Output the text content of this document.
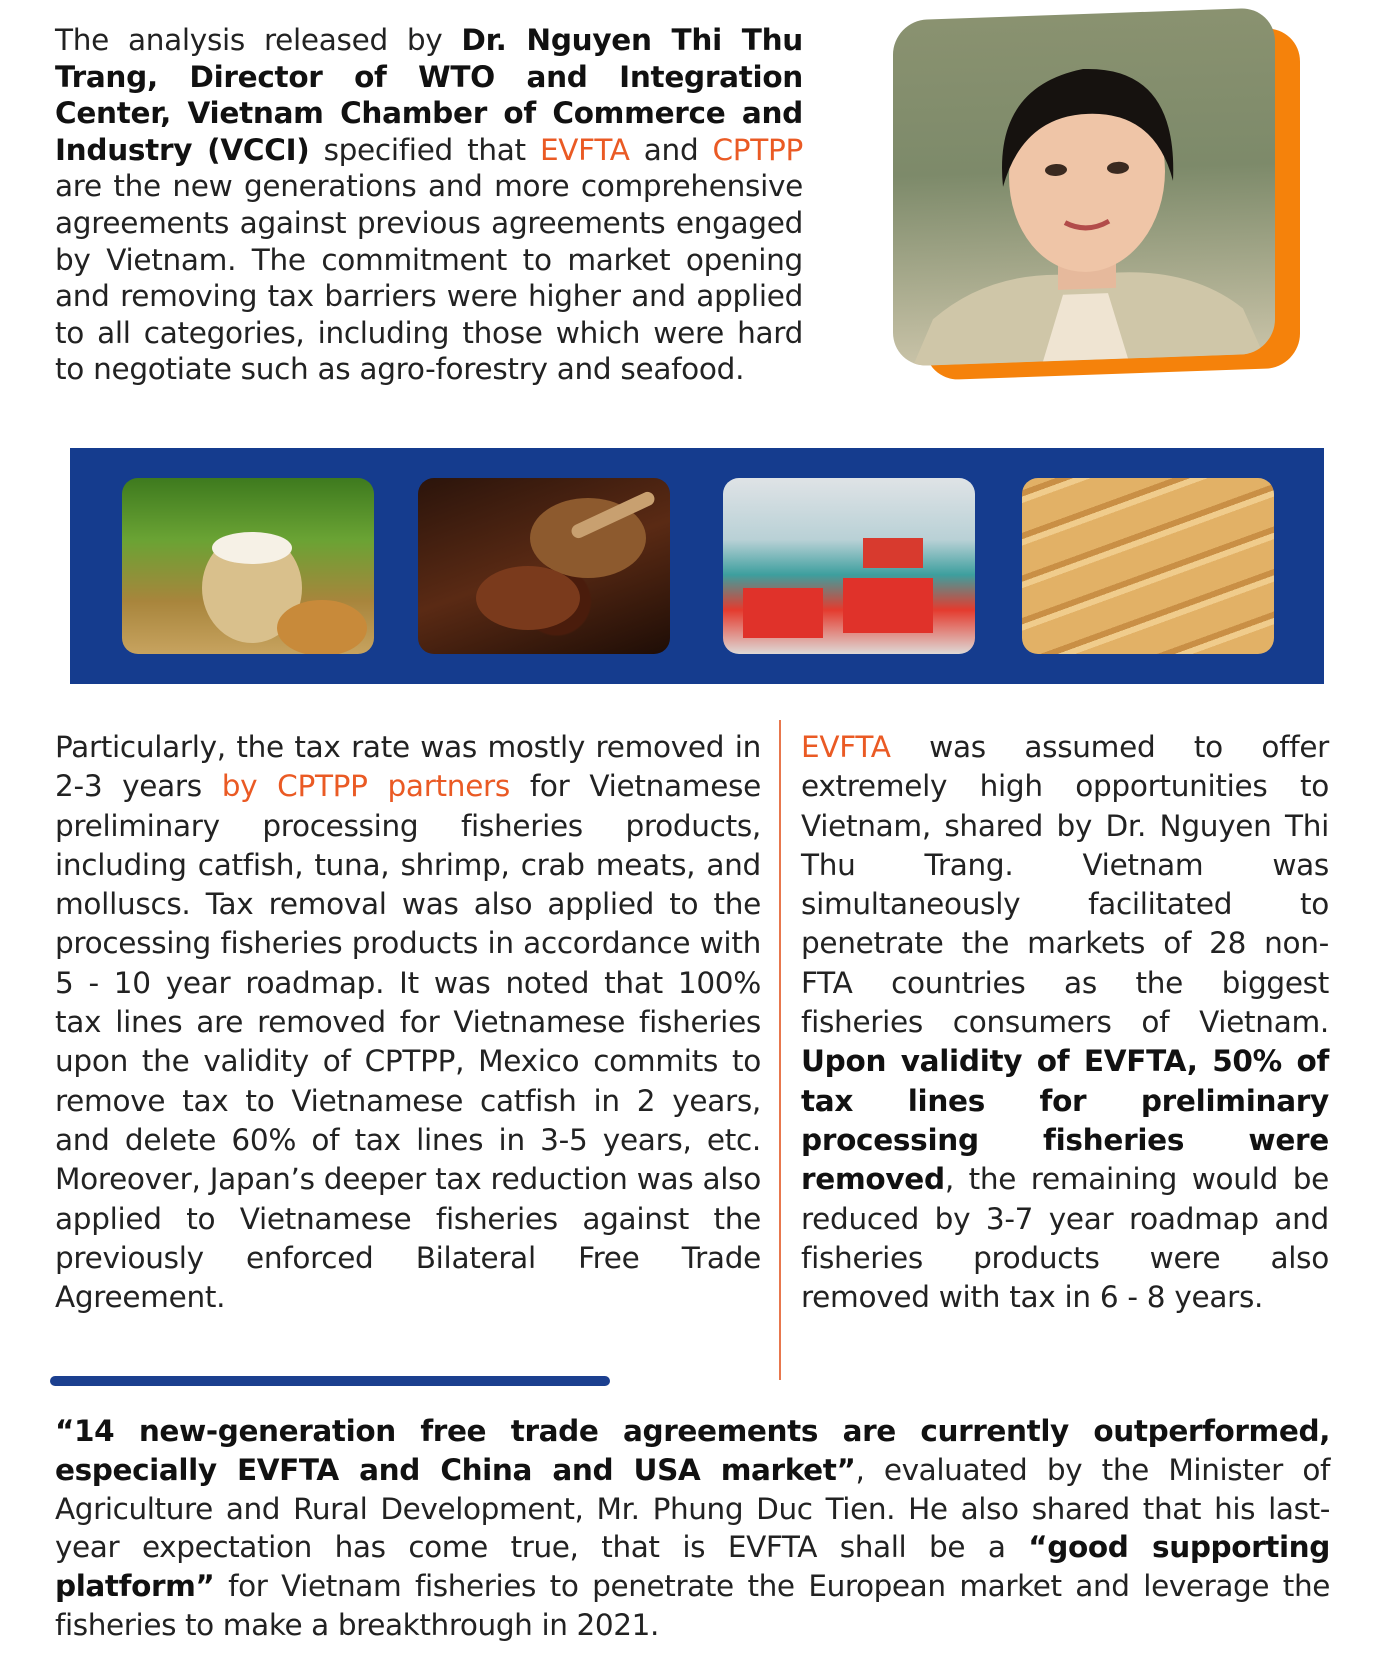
The analysis released by Dr. Nguyen Thi Thu Trang, Director of WTO and Integration Center, Vietnam Chamber of Commerce and Industry (VCCI) specified that EVFTA and CPTPP are the new generations and more comprehensive agreements against previous agreements engaged by Vietnam. The commitment to market opening and removing tax barriers were higher and applied to all categories, including those which were hard to negotiate such as agro-forestry and seafood.

Particularly, the tax rate was mostly removed in 2-3 years by CPTPP partners for Vietnamese preliminary processing fisheries products, including catfish, tuna, shrimp, crab meats, and molluscs. Tax removal was also applied to the processing fisheries products in accordance with 5 - 10 year roadmap. It was noted that 100% tax lines are removed for Vietnamese fisheries upon the validity of CPTPP, Mexico commits to remove tax to Vietnamese catfish in 2 years, and delete 60% of tax lines in 3-5 years, etc. Moreover, Japan’s deeper tax reduction was also applied to Vietnamese fisheries against the previously enforced Bilateral Free Trade Agreement.

EVFTA was assumed to offer extremely high opportunities to Vietnam, shared by Dr. Nguyen Thi Thu Trang. Vietnam was simultaneously facilitated to penetrate the markets of 28 non-FTA countries as the biggest fisheries consumers of Vietnam. Upon validity of EVFTA, 50% of tax lines for preliminary processing fisheries were removed, the remaining would be reduced by 3-7 year roadmap and fisheries products were also removed with tax in 6 - 8 years.

“14 new-generation free trade agreements are currently outperformed, especially EVFTA and China and USA market”, evaluated by the Minister of Agriculture and Rural Development, Mr. Phung Duc Tien. He also shared that his last-year expectation has come true, that is EVFTA shall be a “good supporting platform” for Vietnam fisheries to penetrate the European market and leverage the fisheries to make a breakthrough in 2021.
